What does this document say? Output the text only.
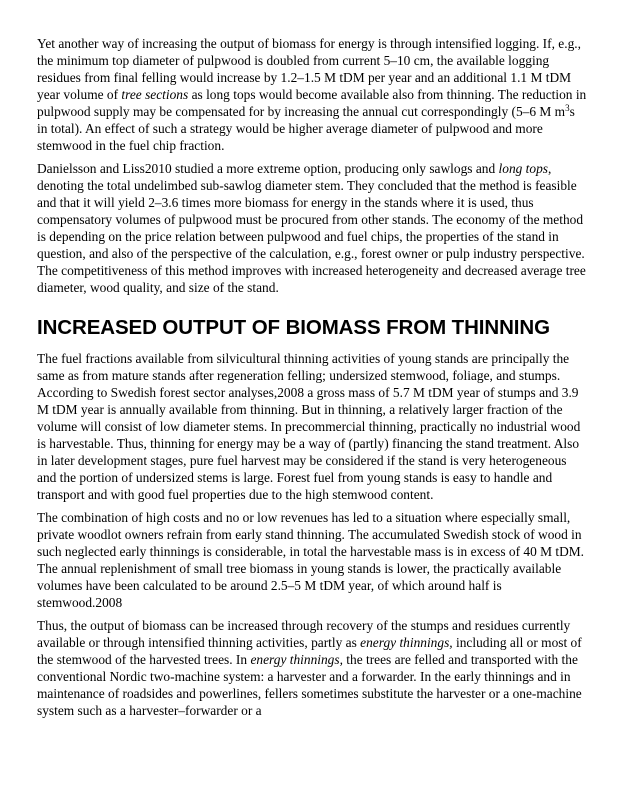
Yet another way of increasing the output of biomass for energy is through intensified logging. If, e.g., the minimum top diameter of pulpwood is doubled from current 5–10 cm, the available logging residues from final felling would increase by 1.2–1.5 M tDM per year and an additional 1.1 M tDM year volume of tree sections as long tops would become available also from thinning. The reduction in pulpwood supply may be compensated for by increasing the annual cut correspondingly (5–6 M $m^3s$ in total). An effect of such a strategy would be higher average diameter of pulpwood and more stemwood in the fuel chip fraction.

Danielsson and Liss2010 studied a more extreme option, producing only sawlogs and long tops, denoting the total undelimbed sub-sawlog diameter stem. They concluded that the method is feasible and that it will yield 2–3.6 times more biomass for energy in the stands where it is used, thus compensatory volumes of pulpwood must be procured from other stands. The economy of the method is depending on the price relation between pulpwood and fuel chips, the properties of the stand in question, and also of the perspective of the calculation, e.g., forest owner or pulp industry perspective. The competitiveness of this method improves with increased heterogeneity and decreased average tree diameter, wood quality, and size of the stand.

INCREASED OUTPUT OF BIOMASS FROM THINNING

The fuel fractions available from silvicultural thinning activities of young stands are principally the same as from mature stands after regeneration felling; undersized stemwood, foliage, and stumps. According to Swedish forest sector analyses,2008 a gross mass of 5.7 M tDM year of stumps and 3.9 M tDM year is annually available from thinning. But in thinning, a relatively larger fraction of the volume will consist of low diameter stems. In precommercial thinning, practically no industrial wood is harvestable. Thus, thinning for energy may be a way of (partly) financing the stand treatment. Also in later development stages, pure fuel harvest may be considered if the stand is very heterogeneous and the portion of undersized stems is large. Forest fuel from young stands is easy to handle and transport and with good fuel properties due to the high stemwood content.

The combination of high costs and no or low revenues has led to a situation where especially small, private woodlot owners refrain from early stand thinning. The accumulated Swedish stock of wood in such neglected early thinnings is considerable, in total the harvestable mass is in excess of 40 M tDM. The annual replenishment of small tree biomass in young stands is lower, the practically available volumes have been calculated to be around 2.5–5 M tDM year, of which around half is stemwood.2008

Thus, the output of biomass can be increased through recovery of the stumps and residues currently available or through intensified thinning activities, partly as energy thinnings, including all or most of the stemwood of the harvested trees. In energy thinnings, the trees are felled and transported with the conventional Nordic two-machine system: a harvester and a forwarder. In the early thinnings and in maintenance of roadsides and powerlines, fellers sometimes substitute the harvester or a one-machine system such as a harvester–forwarder or a
